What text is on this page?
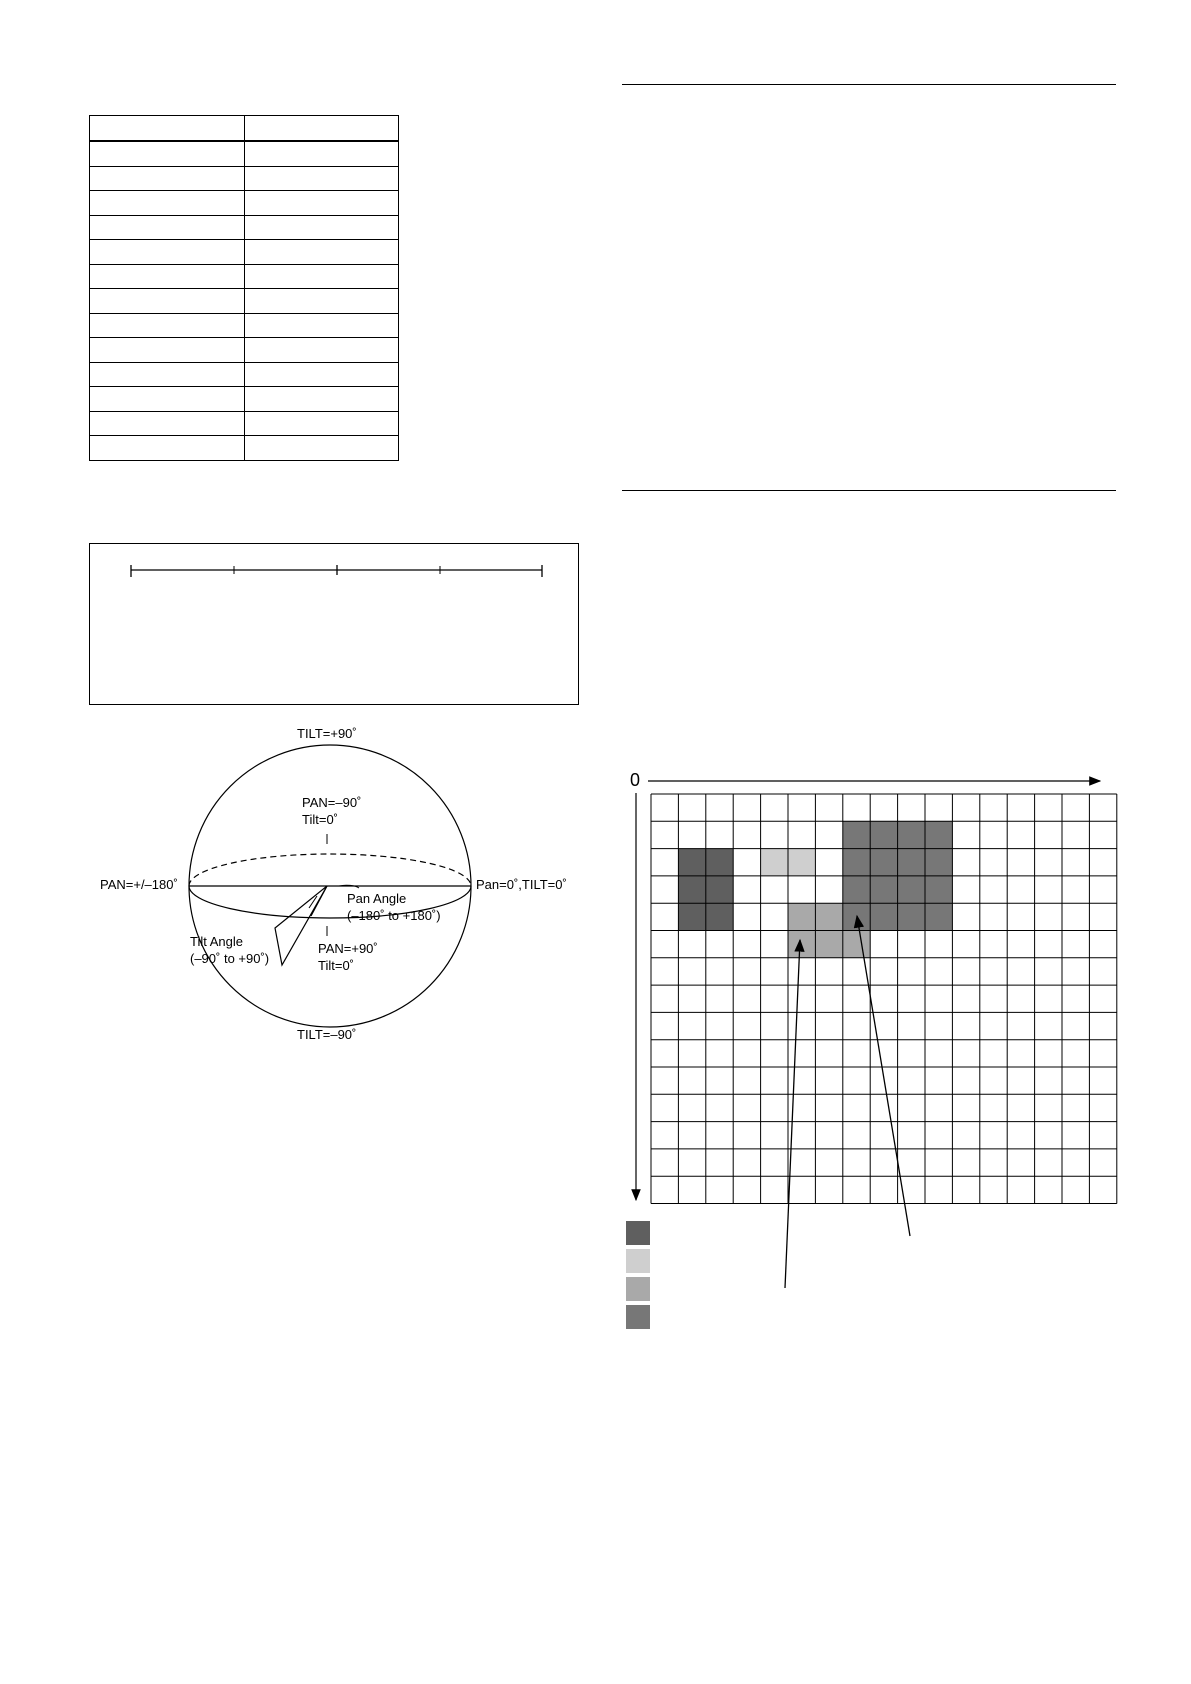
TILT=+90˚
TILT=–90˚
PAN=–90˚
Tilt=0˚
PAN=+/–180˚	Pan=0˚,TILT=0˚
Pan Angle
(–180˚ to +180˚)
Tilt Angle
(–90˚ to +90˚)
PAN=+90˚
Tilt=0˚
0
